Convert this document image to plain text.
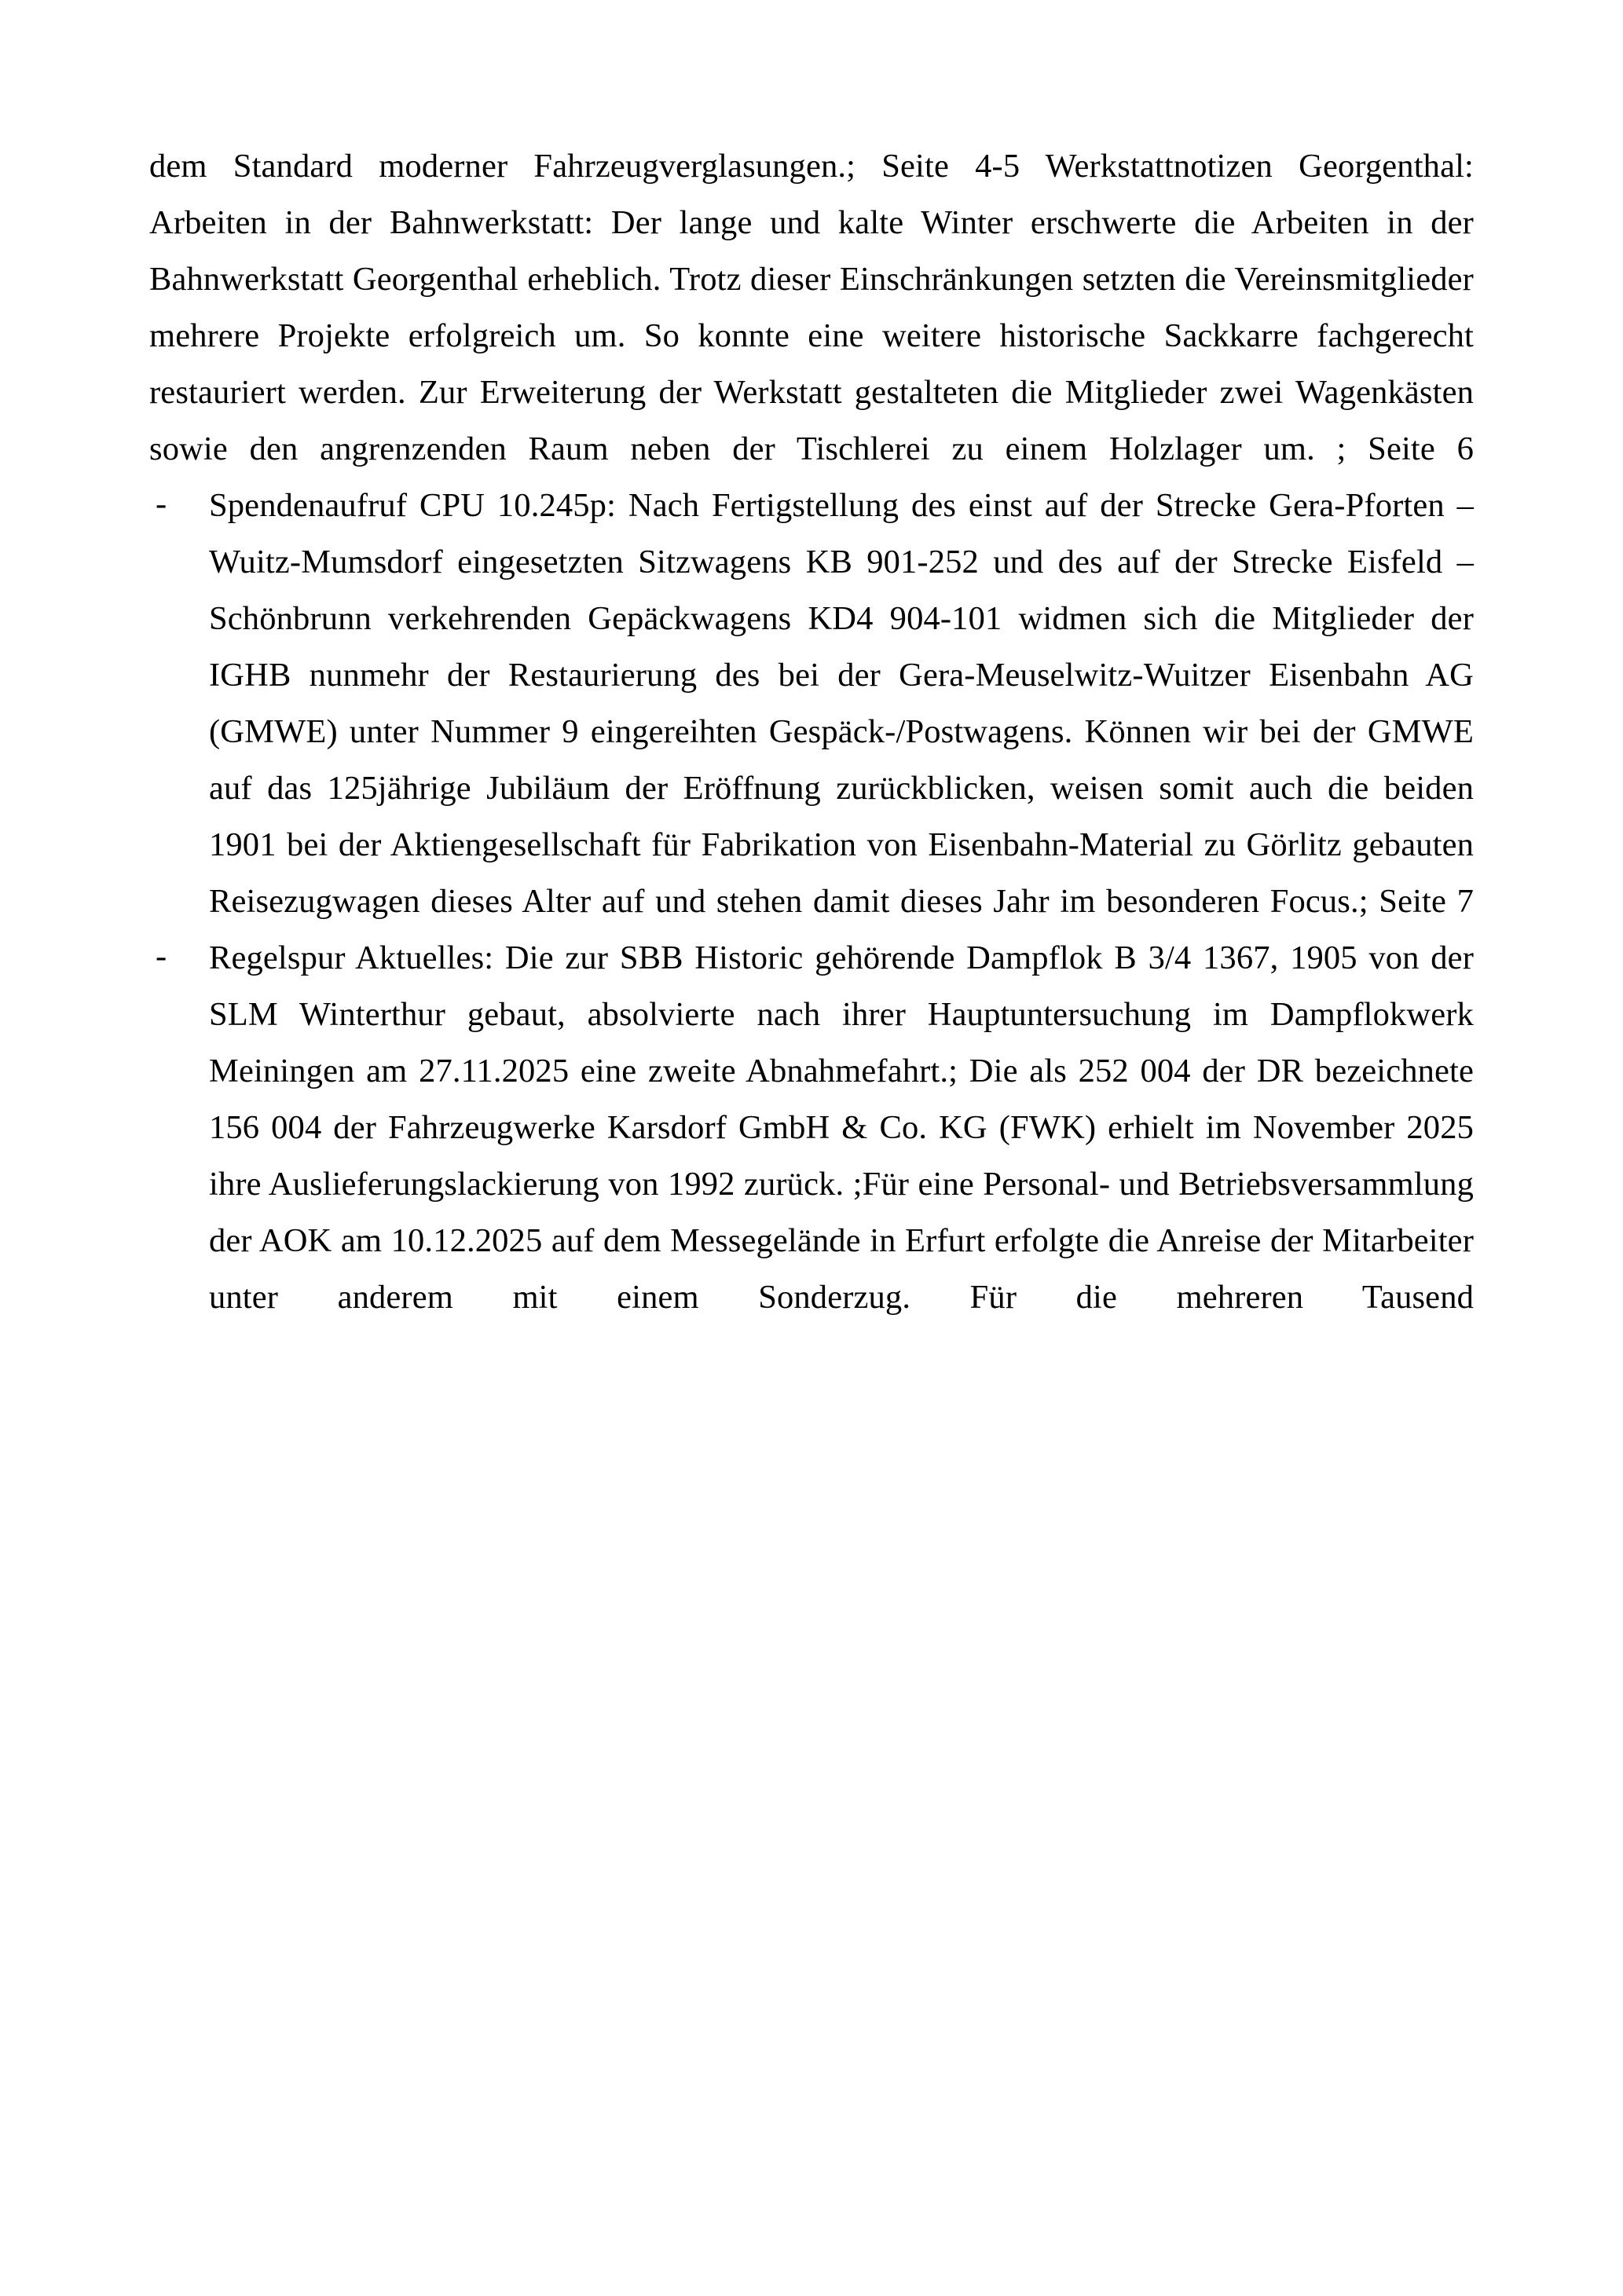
dem Standard moderner Fahrzeugverglasungen.; Seite 4-5 Werkstattnotizen Georgenthal: Arbeiten in der Bahnwerkstatt: Der lange und kalte Winter erschwerte die Arbeiten in der Bahnwerkstatt Georgenthal erheblich. Trotz dieser Einschränkungen setzten die Vereinsmitglieder mehrere Projekte erfolgreich um. So konnte eine weitere historische Sackkarre fachgerecht restauriert werden. Zur Erweiterung der Werkstatt gestalteten die Mitglieder zwei Wagenkästen sowie den angrenzenden Raum neben der Tischlerei zu einem Holzlager um. ; Seite 6

-	Spendenaufruf CPU 10.245p: Nach Fertigstellung des einst auf der Strecke Gera-Pforten – Wuitz-Mumsdorf eingesetzten Sitzwagens KB 901-252 und des auf der Strecke Eisfeld – Schönbrunn verkehrenden Gepäckwagens KD4 904-101 widmen sich die Mitglieder der IGHB nunmehr der Restaurierung des bei der Gera-Meuselwitz-Wuitzer Eisenbahn AG (GMWE) unter Nummer 9 eingereihten Gespäck-/Postwagens. Können wir bei der GMWE auf das 125jährige Jubiläum der Eröffnung zurückblicken, weisen somit auch die beiden 1901 bei der Aktiengesellschaft für Fabrikation von Eisenbahn-Material zu Görlitz gebauten Reisezugwagen dieses Alter auf und stehen damit dieses Jahr im besonderen Focus.; Seite 7
-	Regelspur Aktuelles: Die zur SBB Historic gehörende Dampflok B 3/4 1367, 1905 von der SLM Winterthur gebaut, absolvierte nach ihrer Hauptuntersuchung im Dampflokwerk Meiningen am 27.11.2025 eine zweite Abnahmefahrt.; Die als 252 004 der DR bezeichnete 156 004 der Fahrzeugwerke Karsdorf GmbH & Co. KG (FWK) erhielt im November 2025 ihre Auslieferungslackierung von 1992 zurück. ;Für eine Personal- und Betriebsversammlung der AOK am 10.12.2025 auf dem Messegelände in Erfurt erfolgte die Anreise der Mitarbeiter unter anderem mit einem Sonderzug. Für die mehreren Tausend
